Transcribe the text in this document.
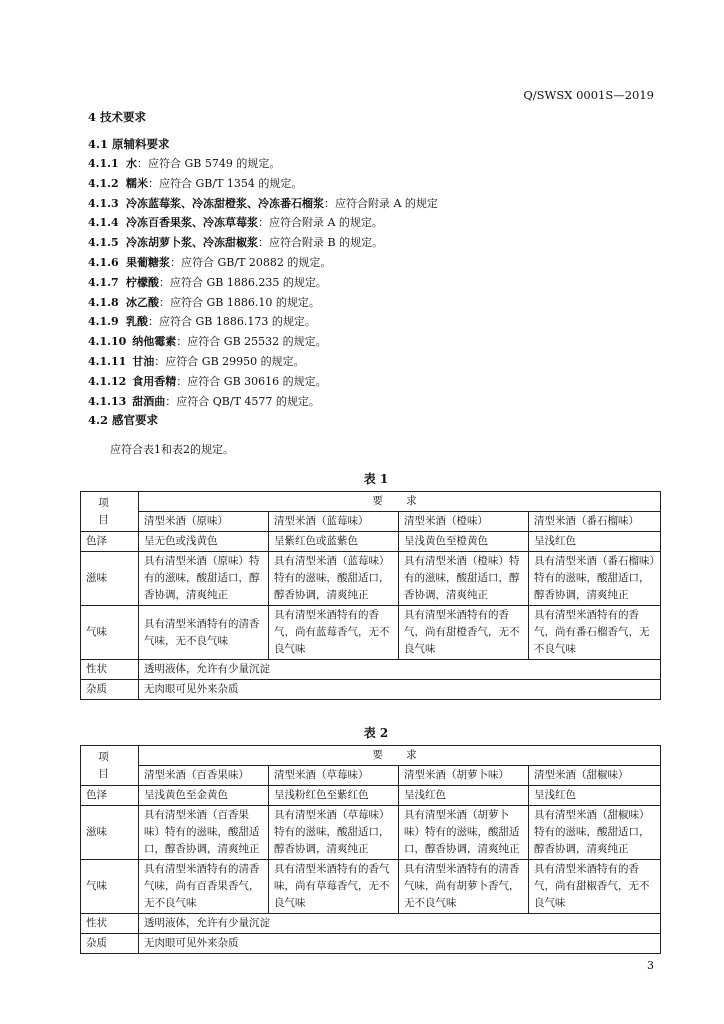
Q/SWSX 0001S—2019

4 技术要求

4.1 原辅料要求

4.1.1 水：应符合 GB 5749 的规定。

4.1.2 糯米：应符合 GB/T 1354 的规定。

4.1.3 冷冻蓝莓浆、冷冻甜橙浆、冷冻番石榴浆：应符合附录 A 的规定

4.1.4 冷冻百香果浆、冷冻草莓浆：应符合附录 A 的规定。

4.1.5 冷冻胡萝卜浆、冷冻甜椒浆：应符合附录 B 的规定。

4.1.6 果葡糖浆：应符合 GB/T 20882 的规定。

4.1.7 柠檬酸：应符合 GB 1886.235 的规定。

4.1.8 冰乙酸：应符合 GB 1886.10 的规定。

4.1.9 乳酸：应符合 GB 1886.173 的规定。

4.1.10 纳他霉素：应符合 GB 25532 的规定。

4.1.11 甘油：应符合 GB 29950 的规定。

4.1.12 食用香精：应符合 GB 30616 的规定。

4.1.13 甜酒曲：应符合 QB/T 4577 的规定。

4.2 感官要求

应符合表1和表2的规定。

表 1
项 目	要 求			
	清型米酒（原味）	清型米酒（蓝莓味）	清型米酒（橙味）	清型米酒（番石榴味）
色泽	呈无色或浅黄色	呈紫红色或蓝紫色	呈浅黄色至橙黄色	呈浅红色
滋味	具有清型米酒（原味）特有的滋味，酸甜适口，醇香协调，清爽纯正	具有清型米酒（蓝莓味）特有的滋味，酸甜适口，醇香协调，清爽纯正	具有清型米酒（橙味）特有的滋味，酸甜适口，醇香协调，清爽纯正	具有清型米酒（番石榴味）特有的滋味，酸甜适口，醇香协调，清爽纯正
气味	具有清型米酒特有的清香气味，无不良气味	具有清型米酒特有的香气，尚有蓝莓香气，无不良气味	具有清型米酒特有的香气，尚有甜橙香气，无不良气味	具有清型米酒特有的香气，尚有番石榴香气，无不良气味
性状	透明液体，允许有少量沉淀			
杂质	无肉眼可见外来杂质			
表 2
项 目	要 求			
	清型米酒（百香果味）	清型米酒（草莓味）	清型米酒（胡萝卜味）	清型米酒（甜椒味）
色泽	呈浅黄色至金黄色	呈浅粉红色至紫红色	呈浅红色	呈浅红色
滋味	具有清型米酒（百香果味）特有的滋味，酸甜适口，醇香协调，清爽纯正	具有清型米酒（草莓味）特有的滋味，酸甜适口，醇香协调，清爽纯正	具有清型米酒（胡萝卜味）特有的滋味，酸甜适口，醇香协调，清爽纯正	具有清型米酒（甜椒味）特有的滋味，酸甜适口，醇香协调，清爽纯正
气味	具有清型米酒特有的清香气味，尚有百香果香气，无不良气味	具有清型米酒特有的香气味，尚有草莓香气，无不良气味	具有清型米酒特有的清香气味，尚有胡萝卜香气，无不良气味	具有清型米酒特有的香气，尚有甜椒香气，无不良气味
性状	透明液体，允许有少量沉淀			
杂质	无肉眼可见外来杂质			
3
